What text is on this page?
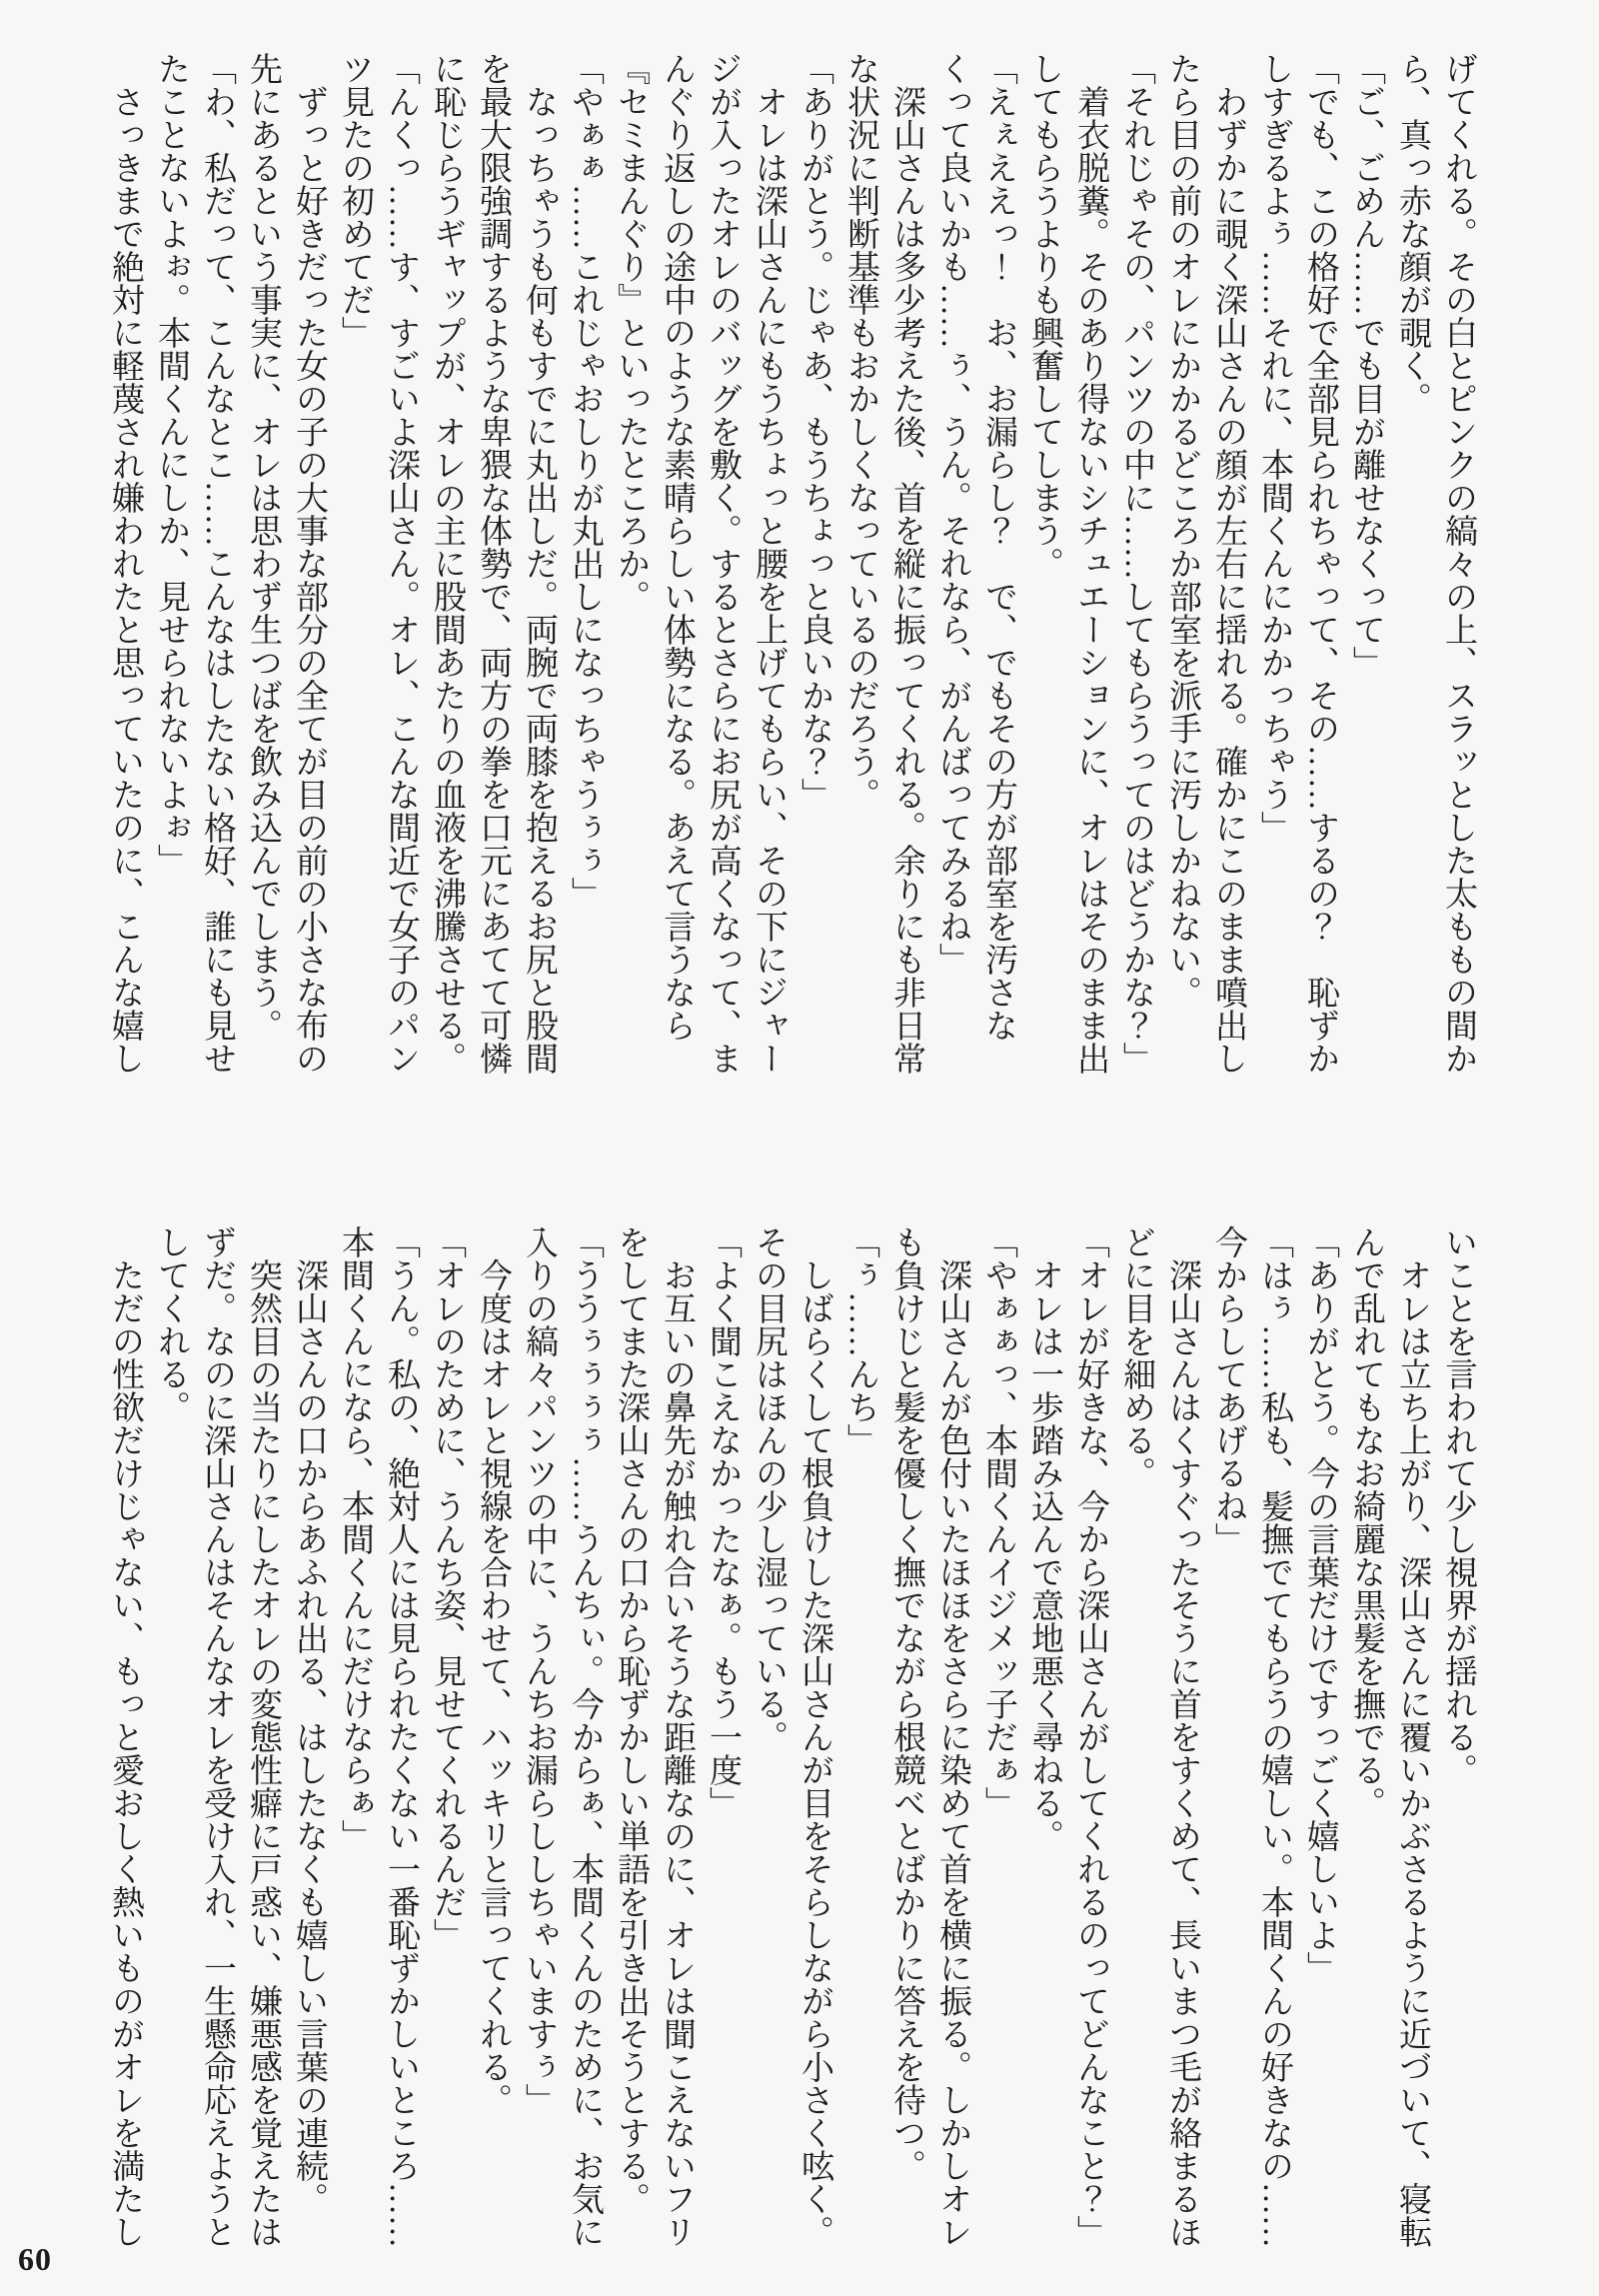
げてくれる。その白とピンクの縞々の上、スラッとした太ももの間か

ら、真っ赤な顔が覗く。

「ご、ごめん……でも目が離せなくって」

「でも、この格好で全部見られちゃって、その……するの？　恥ずか

しすぎるよぅ……それに、本間くんにかかっちゃう」

　わずかに覗く深山さんの顔が左右に揺れる。確かにこのまま噴出し

たら目の前のオレにかかるどころか部室を派手に汚しかねない。

「それじゃその、パンツの中に……してもらうってのはどうかな？」

　着衣脱糞。そのあり得ないシチュエーションに、オレはそのまま出

してもらうよりも興奮してしまう。

「えぇええっ！　お、お漏らし？　で、でもその方が部室を汚さな

くって良いかも……ぅ、うん。それなら、がんばってみるね」

　深山さんは多少考えた後、首を縦に振ってくれる。余りにも非日常

な状況に判断基準もおかしくなっているのだろう。

「ありがとう。じゃあ、もうちょっと良いかな？」

　オレは深山さんにもうちょっと腰を上げてもらい、その下にジャー

ジが入ったオレのバッグを敷く。するとさらにお尻が高くなって、ま

んぐり返しの途中のような素晴らしい体勢になる。あえて言うなら

『セミまんぐり』といったところか。

「やぁぁ……これじゃおしりが丸出しになっちゃうぅぅ」

　なっちゃうも何もすでに丸出しだ。両腕で両膝を抱えるお尻と股間

を最大限強調するような卑猥な体勢で、両方の拳を口元にあてて可憐

に恥じらうギャップが、オレの主に股間あたりの血液を沸騰させる。

「んくっ……す、すごいよ深山さん。オレ、こんな間近で女子のパン

ツ見たの初めてだ」

　ずっと好きだった女の子の大事な部分の全てが目の前の小さな布の

先にあるという事実に、オレは思わず生つばを飲み込んでしまう。

「わ、私だって、こんなとこ……こんなはしたない格好、誰にも見せ

たことないよぉ。本間くんにしか、見せられないよぉ」

　さっきまで絶対に軽蔑され嫌われたと思っていたのに、こんな嬉し

いことを言われて少し視界が揺れる。

　オレは立ち上がり、深山さんに覆いかぶさるように近づいて、寝転

んで乱れてもなお綺麗な黒髪を撫でる。

「ありがとう。今の言葉だけですっごく嬉しいよ」

「はぅ……私も、髪撫でてもらうの嬉しい。本間くんの好きなの……

今からしてあげるね」

　深山さんはくすぐったそうに首をすくめて、長いまつ毛が絡まるほ

どに目を細める。

「オレが好きな、今から深山さんがしてくれるのってどんなこと？」

　オレは一歩踏み込んで意地悪く尋ねる。

「やぁぁっ、本間くんイジメッ子だぁ」

　深山さんが色付いたほほをさらに染めて首を横に振る。しかしオレ

も負けじと髪を優しく撫でながら根競べとばかりに答えを待つ。

「ぅ……んち」

　しばらくして根負けした深山さんが目をそらしながら小さく呟く。

その目尻はほんの少し湿っている。

「よく聞こえなかったなぁ。もう一度」

　お互いの鼻先が触れ合いそうな距離なのに、オレは聞こえないフリ

をしてまた深山さんの口から恥ずかしい単語を引き出そうとする。

「ううぅぅぅぅ……うんちぃ。今からぁ、本間くんのために、お気に

入りの縞々パンツの中に、うんちお漏らししちゃいますぅ」

　今度はオレと視線を合わせて、ハッキリと言ってくれる。

「オレのために、うんち姿、見せてくれるんだ」

「うん。私の、絶対人には見られたくない一番恥ずかしいところ……

本間くんになら、本間くんにだけならぁ」

　深山さんの口からあふれ出る、はしたなくも嬉しい言葉の連続。

　突然目の当たりにしたオレの変態性癖に戸惑い、嫌悪感を覚えたは

ずだ。なのに深山さんはそんなオレを受け入れ、一生懸命応えようと

してくれる。

　ただの性欲だけじゃない、もっと愛おしく熱いものがオレを満たし

60
